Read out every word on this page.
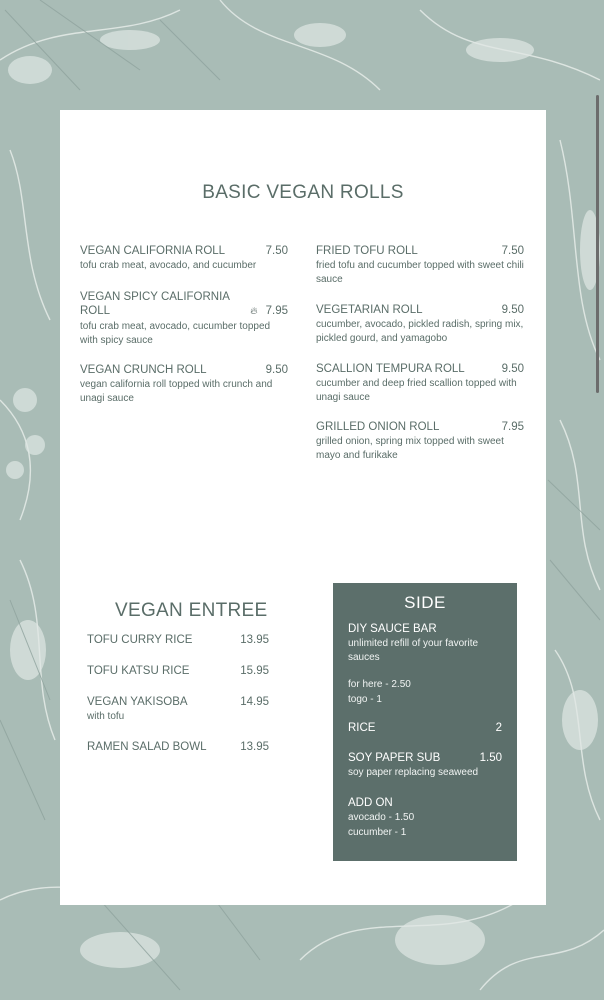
BASIC VEGAN ROLLS
VEGAN CALIFORNIA ROLL	7.50
tofu crab meat, avocado, and cucumber
VEGAN SPICY CALIFORNIA ROLL	🔥︎ 7.95
tofu crab meat, avocado, cucumber topped with spicy sauce
VEGAN CRUNCH ROLL	9.50
vegan california roll topped with crunch and unagi sauce
FRIED TOFU ROLL	7.50
fried tofu and cucumber topped with sweet chili sauce
VEGETARIAN ROLL	9.50
cucumber, avocado, pickled radish, spring mix, pickled gourd, and yamagobo
SCALLION TEMPURA ROLL	9.50
cucumber and deep fried scallion topped with unagi sauce
GRILLED ONION ROLL	7.95
grilled onion, spring mix topped with sweet mayo and furikake
VEGAN ENTREE
TOFU CURRY RICE	13.95
TOFU KATSU RICE	15.95
VEGAN YAKISOBA	14.95
with tofu
RAMEN SALAD BOWL	13.95
SIDE
DIY SAUCE BAR
unlimited refill of your favorite sauces
for here - 2.50
togo - 1
RICE	2
SOY PAPER SUB	1.50
soy paper replacing seaweed
ADD ON
avocado - 1.50
cucumber - 1
